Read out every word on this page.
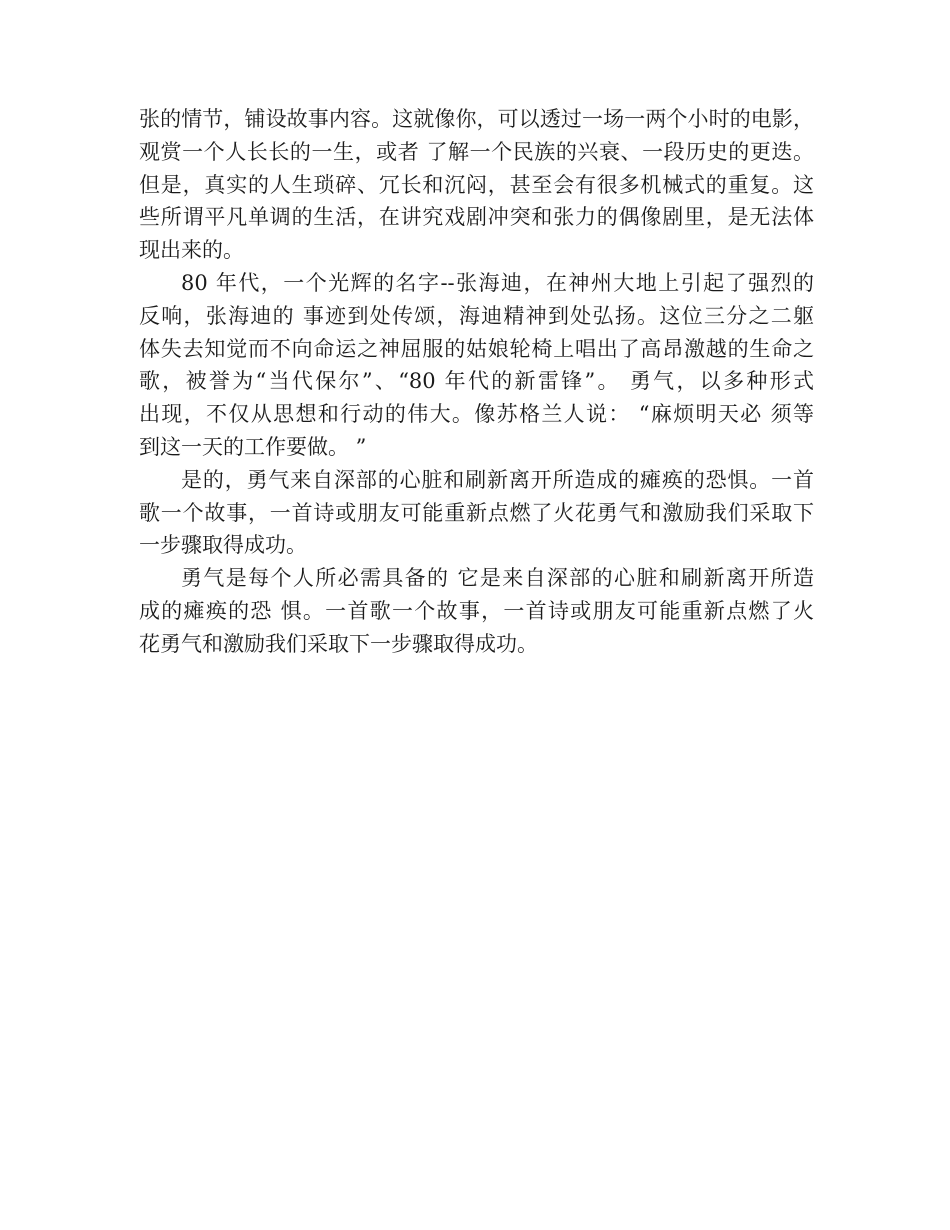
张的情节，铺设故事内容。这就像你，可以透过一场一两个小时的电影，
观赏一个人长长的一生，或者 了解一个民族的兴衰、一段历史的更迭。
但是，真实的人生琐碎、冗长和沉闷，甚至会有很多机械式的重复。这
些所谓平凡单调的生活，在讲究戏剧冲突和张力的偶像剧里，是无法体
现出来的。
80 年代，一个光辉的名字--张海迪，在神州大地上引起了强烈的
反响，张海迪的 事迹到处传颂，海迪精神到处弘扬。这位三分之二躯
体失去知觉而不向命运之神屈服的姑娘轮椅上唱出了高昂激越的生命之
歌，被誉为“当代保尔”、“80 年代的新雷锋”。 勇气，以多种形式
出现，不仅从思想和行动的伟大。像苏格兰人说： “麻烦明天必 须等
到这一天的工作要做。 ”
是的，勇气来自深部的心脏和刷新离开所造成的瘫痪的恐惧。一首
歌一个故事，一首诗或朋友可能重新点燃了火花勇气和激励我们采取下
一步骤取得成功。
勇气是每个人所必需具备的 它是来自深部的心脏和刷新离开所造
成的瘫痪的恐 惧。一首歌一个故事，一首诗或朋友可能重新点燃了火
花勇气和激励我们采取下一步骤取得成功。
